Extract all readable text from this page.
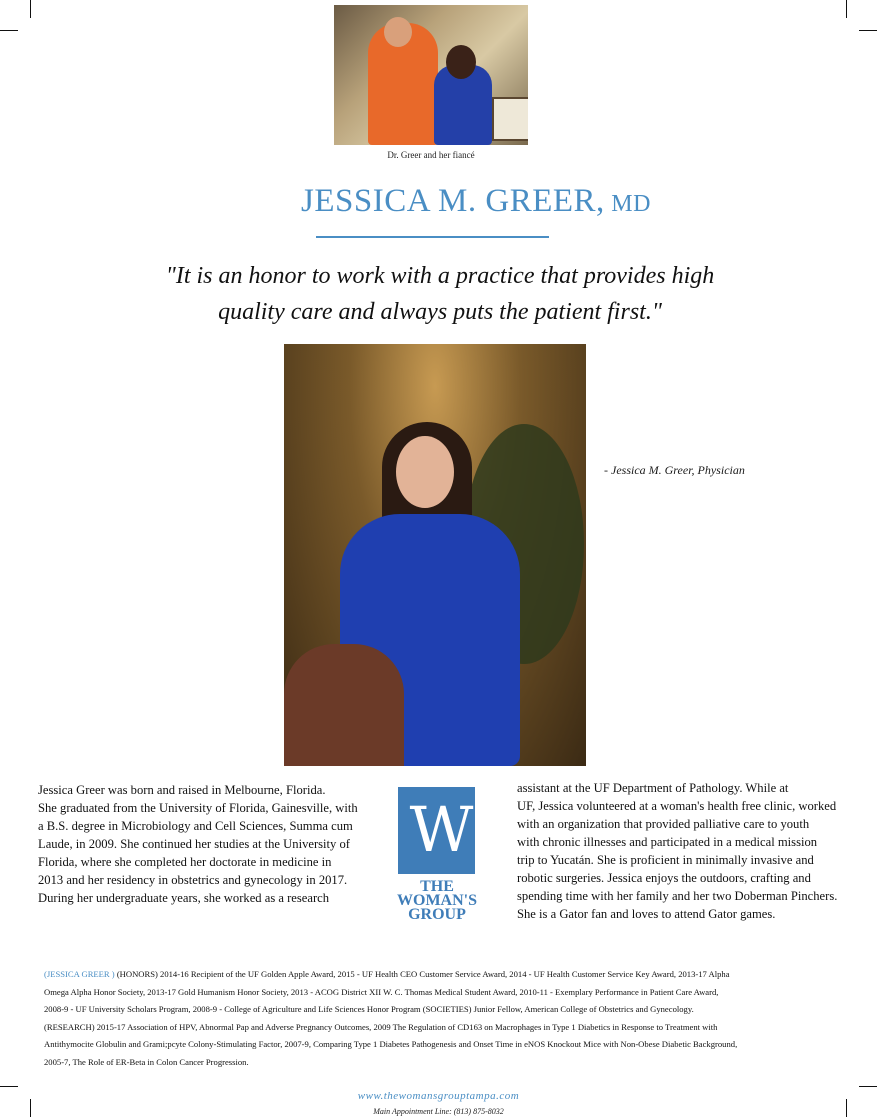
Dr. Greer and her fiancé
JESSICA M. GREER, MD
"It is an honor to work with a practice that provides high
quality care and always puts the patient first."
- Jessica M. Greer, Physician
Jessica Greer was born and raised in Melbourne, Florida.
She graduated from the University of Florida, Gainesville, with
a B.S. degree in Microbiology and Cell Sciences, Summa cum
Laude, in 2009. She continued her studies at the University of
Florida, where she completed her doctorate in medicine in
2013 and her residency in obstetrics and gynecology in 2017.
During her undergraduate years, she worked as a research
W
THE
WOMAN'S
GROUP
assistant at the UF Department of Pathology. While at
UF, Jessica volunteered at a woman's health free clinic, worked
with an organization that provided palliative care to youth
with chronic illnesses and participated in a medical mission
trip to Yucatán. She is proficient in minimally invasive and
robotic surgeries. Jessica enjoys the outdoors, crafting and
spending time with her family and her two Doberman Pinchers.
She is a Gator fan and loves to attend Gator games.
(JESSICA GREER ) (HONORS) 2014-16 Recipient of the UF Golden Apple Award, 2015 - UF Health CEO Customer Service Award, 2014 - UF Health Customer Service Key Award, 2013-17 Alpha
Omega Alpha Honor Society, 2013-17 Gold Humanism Honor Society, 2013 - ACOG District XII W. C. Thomas Medical Student Award, 2010-11 - Exemplary Performance in Patient Care Award,
2008-9 - UF University Scholars Program, 2008-9 - College of Agriculture and Life Sciences Honor Program (SOCIETIES) Junior Fellow, American College of Obstetrics and Gynecology.
(RESEARCH) 2015-17 Association of HPV, Abnormal Pap and Adverse Pregnancy Outcomes, 2009 The Regulation of CD163 on Macrophages in Type 1 Diabetics in Response to Treatment with
Antithymocite Globulin and Grami;pcyte Colony-Stimulating Factor, 2007-9, Comparing Type 1 Diabetes Pathogenesis and Onset Time in eNOS Knockout Mice with Non-Obese Diabetic Background,
2005-7, The Role of ER-Beta in Colon Cancer Progression.
www.thewomansgrouptampa.com
Main Appointment Line: (813) 875-8032
